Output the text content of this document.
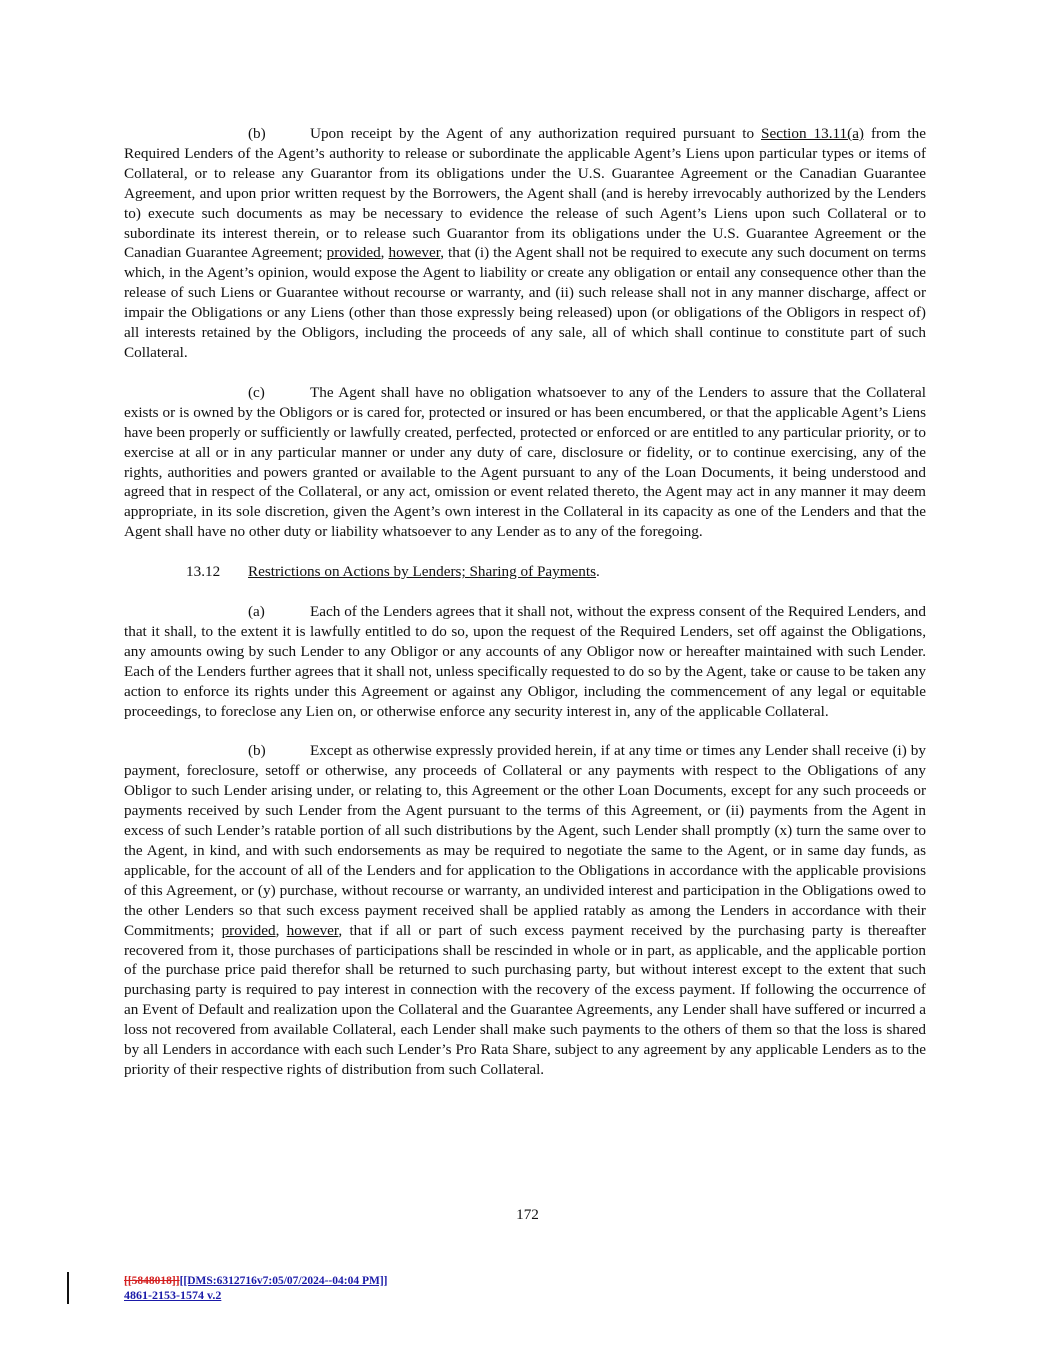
(b)	Upon receipt by the Agent of any authorization required pursuant to Section 13.11(a) from the Required Lenders of the Agent’s authority to release or subordinate the applicable Agent’s Liens upon particular types or items of Collateral, or to release any Guarantor from its obligations under the U.S. Guarantee Agreement or the Canadian Guarantee Agreement, and upon prior written request by the Borrowers, the Agent shall (and is hereby irrevocably authorized by the Lenders to) execute such documents as may be necessary to evidence the release of such Agent’s Liens upon such Collateral or to subordinate its interest therein, or to release such Guarantor from its obligations under the U.S. Guarantee Agreement or the Canadian Guarantee Agreement; provided, however, that (i) the Agent shall not be required to execute any such document on terms which, in the Agent’s opinion, would expose the Agent to liability or create any obligation or entail any consequence other than the release of such Liens or Guarantee without recourse or warranty, and (ii) such release shall not in any manner discharge, affect or impair the Obligations or any Liens (other than those expressly being released) upon (or obligations of the Obligors in respect of) all interests retained by the Obligors, including the proceeds of any sale, all of which shall continue to constitute part of such Collateral.

(c)	The Agent shall have no obligation whatsoever to any of the Lenders to assure that the Collateral exists or is owned by the Obligors or is cared for, protected or insured or has been encumbered, or that the applicable Agent’s Liens have been properly or sufficiently or lawfully created, perfected, protected or enforced or are entitled to any particular priority, or to exercise at all or in any particular manner or under any duty of care, disclosure or fidelity, or to continue exercising, any of the rights, authorities and powers granted or available to the Agent pursuant to any of the Loan Documents, it being understood and agreed that in respect of the Collateral, or any act, omission or event related thereto, the Agent may act in any manner it may deem appropriate, in its sole discretion, given the Agent’s own interest in the Collateral in its capacity as one of the Lenders and that the Agent shall have no other duty or liability whatsoever to any Lender as to any of the foregoing.

13.12 Restrictions on Actions by Lenders; Sharing of Payments.

(a)	Each of the Lenders agrees that it shall not, without the express consent of the Required Lenders, and that it shall, to the extent it is lawfully entitled to do so, upon the request of the Required Lenders, set off against the Obligations, any amounts owing by such Lender to any Obligor or any accounts of any Obligor now or hereafter maintained with such Lender. Each of the Lenders further agrees that it shall not, unless specifically requested to do so by the Agent, take or cause to be taken any action to enforce its rights under this Agreement or against any Obligor, including the commencement of any legal or equitable proceedings, to foreclose any Lien on, or otherwise enforce any security interest in, any of the applicable Collateral.

(b)	Except as otherwise expressly provided herein, if at any time or times any Lender shall receive (i) by payment, foreclosure, setoff or otherwise, any proceeds of Collateral or any payments with respect to the Obligations of any Obligor to such Lender arising under, or relating to, this Agreement or the other Loan Documents, except for any such proceeds or payments received by such Lender from the Agent pursuant to the terms of this Agreement, or (ii) payments from the Agent in excess of such Lender’s ratable portion of all such distributions by the Agent, such Lender shall promptly (x) turn the same over to the Agent, in kind, and with such endorsements as may be required to negotiate the same to the Agent, or in same day funds, as applicable, for the account of all of the Lenders and for application to the Obligations in accordance with the applicable provisions of this Agreement, or (y) purchase, without recourse or warranty, an undivided interest and participation in the Obligations owed to the other Lenders so that such excess payment received shall be applied ratably as among the Lenders in accordance with their Commitments; provided, however, that if all or part of such excess payment received by the purchasing party is thereafter recovered from it, those purchases of participations shall be rescinded in whole or in part, as applicable, and the applicable portion of the purchase price paid therefor shall be returned to such purchasing party, but without interest except to the extent that such purchasing party is required to pay interest in connection with the recovery of the excess payment. If following the occurrence of an Event of Default and realization upon the Collateral and the Guarantee Agreements, any Lender shall have suffered or incurred a loss not recovered from available Collateral, each Lender shall make such payments to the others of them so that the loss is shared by all Lenders in accordance with each such Lender’s Pro Rata Share, subject to any agreement by any applicable Lenders as to the priority of their respective rights of distribution from such Collateral.

172
[[5848018]][[DMS:6312716v7:05/07/2024--04:04 PM]]
4861-2153-1574 v.2
